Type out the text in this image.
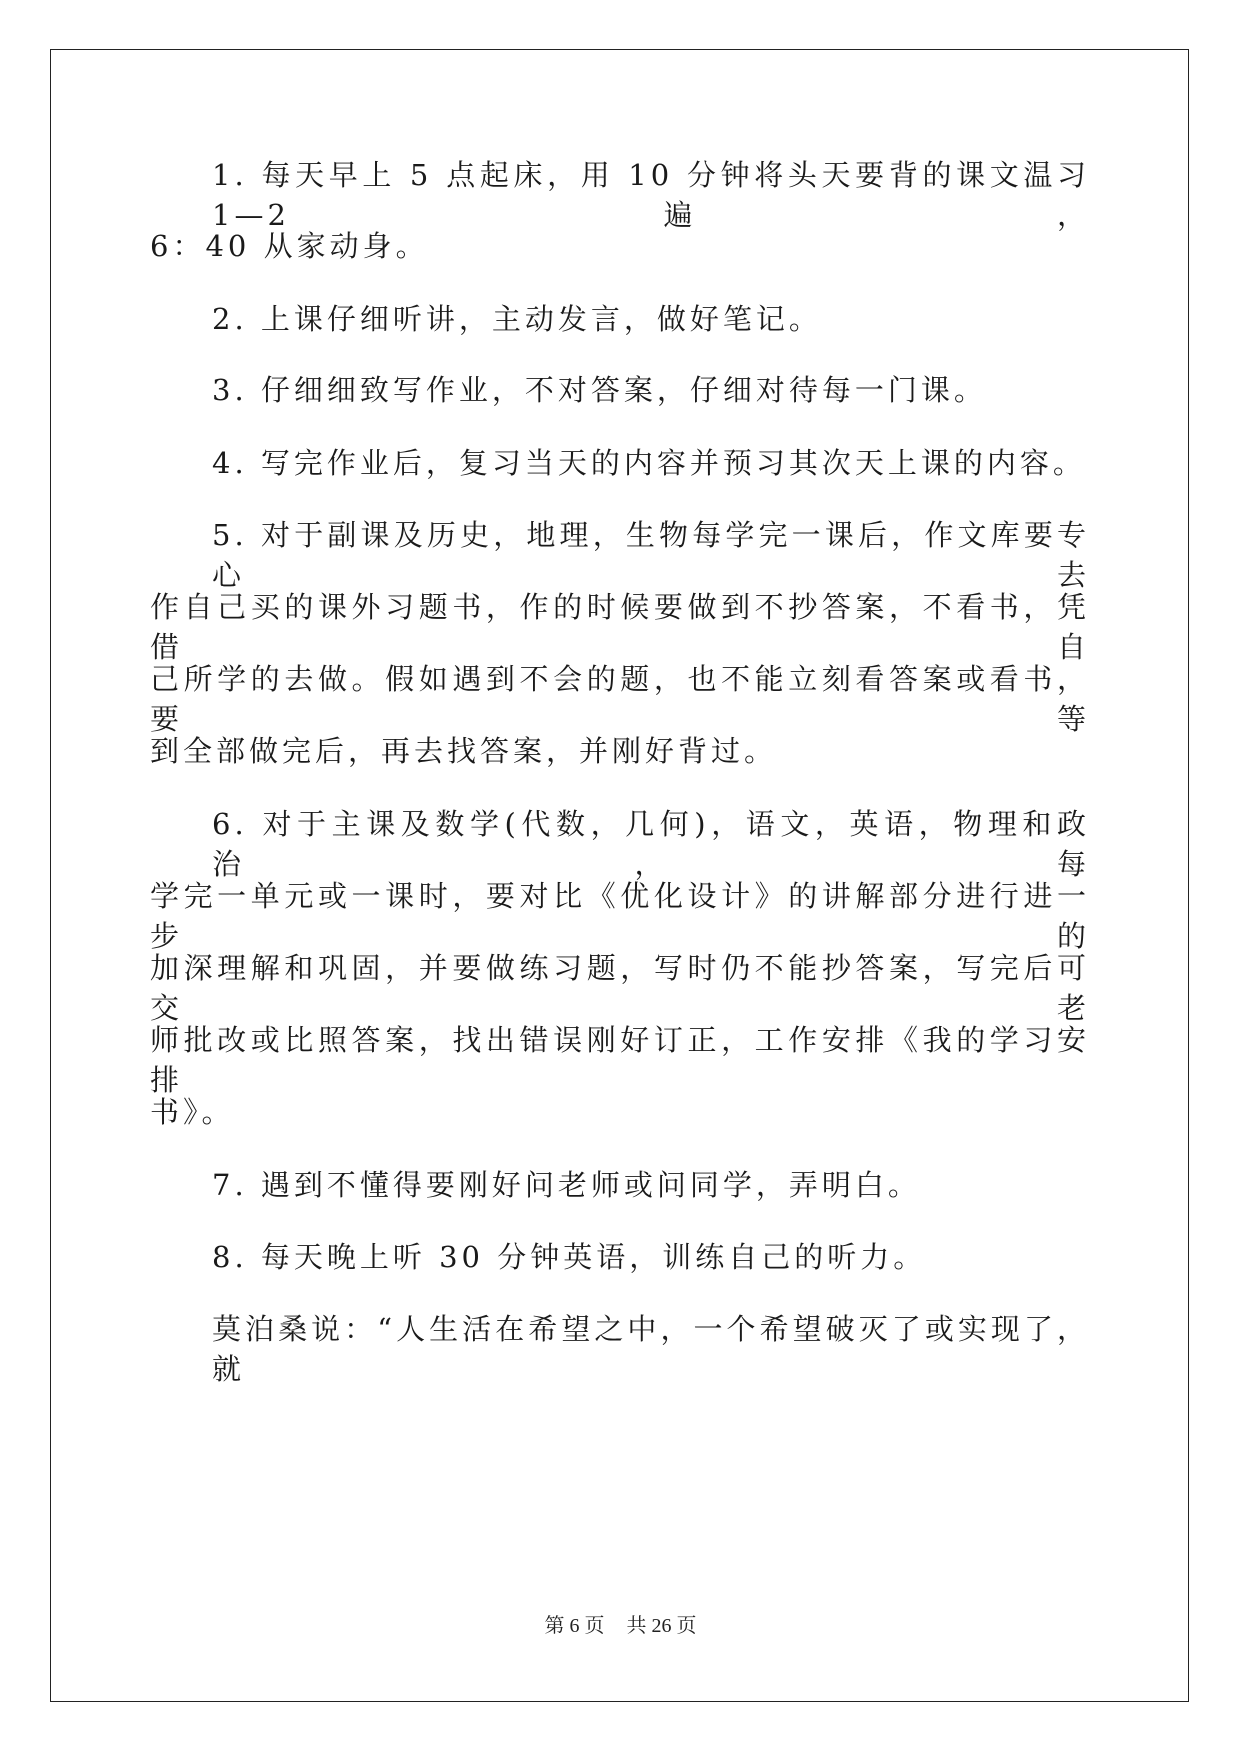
1. 每天早上 5 点起床，用 10 分钟将头天要背的课文温习 1—2 遍，
6：40 从家动身。
2. 上课仔细听讲，主动发言，做好笔记。
3. 仔细细致写作业，不对答案，仔细对待每一门课。
4. 写完作业后，复习当天的内容并预习其次天上课的内容。
5. 对于副课及历史，地理，生物每学完一课后，作文库要专心去
作自己买的课外习题书，作的时候要做到不抄答案，不看书，凭借自
己所学的去做。假如遇到不会的题，也不能立刻看答案或看书，要等
到全部做完后，再去找答案，并刚好背过。
6. 对于主课及数学(代数，几何)，语文，英语，物理和政治，每
学完一单元或一课时，要对比《优化设计》的讲解部分进行进一步的
加深理解和巩固，并要做练习题，写时仍不能抄答案，写完后可交老
师批改或比照答案，找出错误刚好订正，工作安排《我的学习安排
书》。
7. 遇到不懂得要刚好问老师或问同学，弄明白。
8. 每天晚上听 30 分钟英语，训练自己的听力。
莫泊桑说：“人生活在希望之中，一个希望破灭了或实现了，就
第 6 页 共 26 页
